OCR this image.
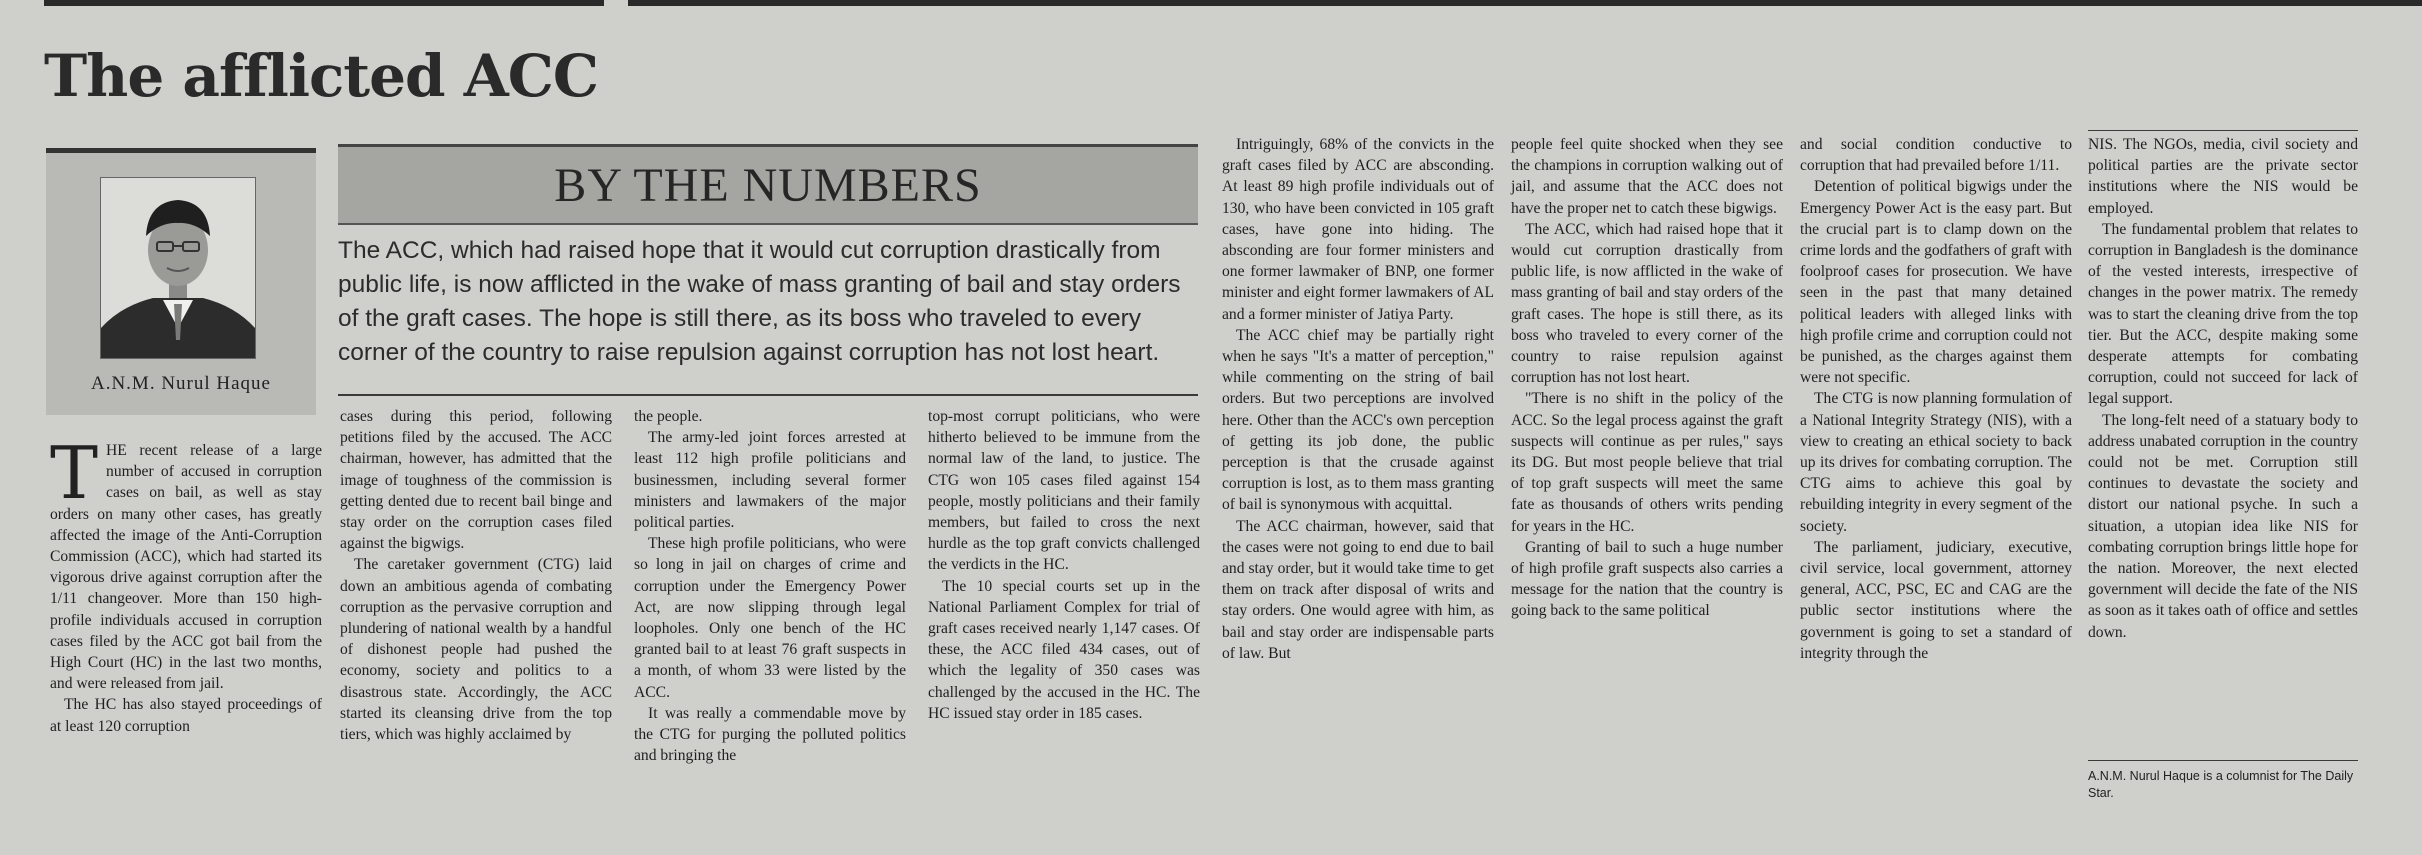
The afflicted ACC

A.N.M. Nurul Haque

BY THE NUMBERS

The ACC, which had raised hope that it would cut corruption drastically from public life, is now afflicted in the wake of mass granting of bail and stay orders of the graft cases. The hope is still there, as its boss who traveled to every corner of the country to raise repulsion against corruption has not lost heart.

T HE recent release of a large number of accused in corruption cases on bail, as well as stay orders on many other cases, has greatly affected the image of the Anti-Corruption Commission (ACC), which had started its vigorous drive against corruption after the 1/11 changeover. More than 150 high-profile individuals accused in corruption cases filed by the ACC got bail from the High Court (HC) in the last two months, and were released from jail.
The HC has also stayed proceedings of at least 120 corruption
cases during this period, following petitions filed by the accused. The ACC chairman, however, has admitted that the image of toughness of the commission is getting dented due to recent bail binge and stay order on the corruption cases filed against the bigwigs.
The caretaker government (CTG) laid down an ambitious agenda of combating corruption as the pervasive corruption and plundering of national wealth by a handful of dishonest people had pushed the economy, society and politics to a disastrous state. Accordingly, the ACC started its cleansing drive from the top tiers, which was highly acclaimed by
the people.
The army-led joint forces arrested at least 112 high profile politicians and businessmen, including several former ministers and lawmakers of the major political parties.
These high profile politicians, who were so long in jail on charges of crime and corruption under the Emergency Power Act, are now slipping through legal loopholes. Only one bench of the HC granted bail to at least 76 graft suspects in a month, of whom 33 were listed by the ACC.
It was really a commendable move by the CTG for purging the polluted politics and bringing the
top-most corrupt politicians, who were hitherto believed to be immune from the normal law of the land, to justice. The CTG won 105 cases filed against 154 people, mostly politicians and their family members, but failed to cross the next hurdle as the top graft convicts challenged the verdicts in the HC.
The 10 special courts set up in the National Parliament Complex for trial of graft cases received nearly 1,147 cases. Of these, the ACC filed 434 cases, out of which the legality of 350 cases was challenged by the accused in the HC. The HC issued stay order in 185 cases.
Intriguingly, 68% of the convicts in the graft cases filed by ACC are absconding. At least 89 high profile individuals out of 130, who have been convicted in 105 graft cases, have gone into hiding. The absconding are four former ministers and one former lawmaker of BNP, one former minister and eight former lawmakers of AL and a former minister of Jatiya Party.
The ACC chief may be partially right when he says "It's a matter of perception," while commenting on the string of bail orders. But two perceptions are involved here. Other than the ACC's own perception of getting its job done, the public perception is that the crusade against corruption is lost, as to them mass granting of bail is synonymous with acquittal.
The ACC chairman, however, said that the cases were not going to end due to bail and stay order, but it would take time to get them on track after disposal of writs and stay orders. One would agree with him, as bail and stay order are indispensable parts of law. But
people feel quite shocked when they see the champions in corruption walking out of jail, and assume that the ACC does not have the proper net to catch these bigwigs.
The ACC, which had raised hope that it would cut corruption drastically from public life, is now afflicted in the wake of mass granting of bail and stay orders of the graft cases. The hope is still there, as its boss who traveled to every corner of the country to raise repulsion against corruption has not lost heart.
"There is no shift in the policy of the ACC. So the legal process against the graft suspects will continue as per rules," says its DG. But most people believe that trial of top graft suspects will meet the same fate as thousands of others writs pending for years in the HC.
Granting of bail to such a huge number of high profile graft suspects also carries a message for the nation that the country is going back to the same political
and social condition conductive to corruption that had prevailed before 1/11.
Detention of political bigwigs under the Emergency Power Act is the easy part. But the crucial part is to clamp down on the crime lords and the godfathers of graft with foolproof cases for prosecution. We have seen in the past that many detained political leaders with alleged links with high profile crime and corruption could not be punished, as the charges against them were not specific.
The CTG is now planning formulation of a National Integrity Strategy (NIS), with a view to creating an ethical society to back up its drives for combating corruption. The CTG aims to achieve this goal by rebuilding integrity in every segment of the society.
The parliament, judiciary, executive, civil service, local government, attorney general, ACC, PSC, EC and CAG are the public sector institutions where the government is going to set a standard of integrity through the
NIS. The NGOs, media, civil society and political parties are the private sector institutions where the NIS would be employed.
The fundamental problem that relates to corruption in Bangladesh is the dominance of the vested interests, irrespective of changes in the power matrix. The remedy was to start the cleaning drive from the top tier. But the ACC, despite making some desperate attempts for combating corruption, could not succeed for lack of legal support.
The long-felt need of a statuary body to address unabated corruption in the country could not be met. Corruption still continues to devastate the society and distort our national psyche. In such a situation, a utopian idea like NIS for combating corruption brings little hope for the nation. Moreover, the next elected government will decide the fate of the NIS as soon as it takes oath of office and settles down.

A.N.M. Nurul Haque is a columnist for The Daily Star.
